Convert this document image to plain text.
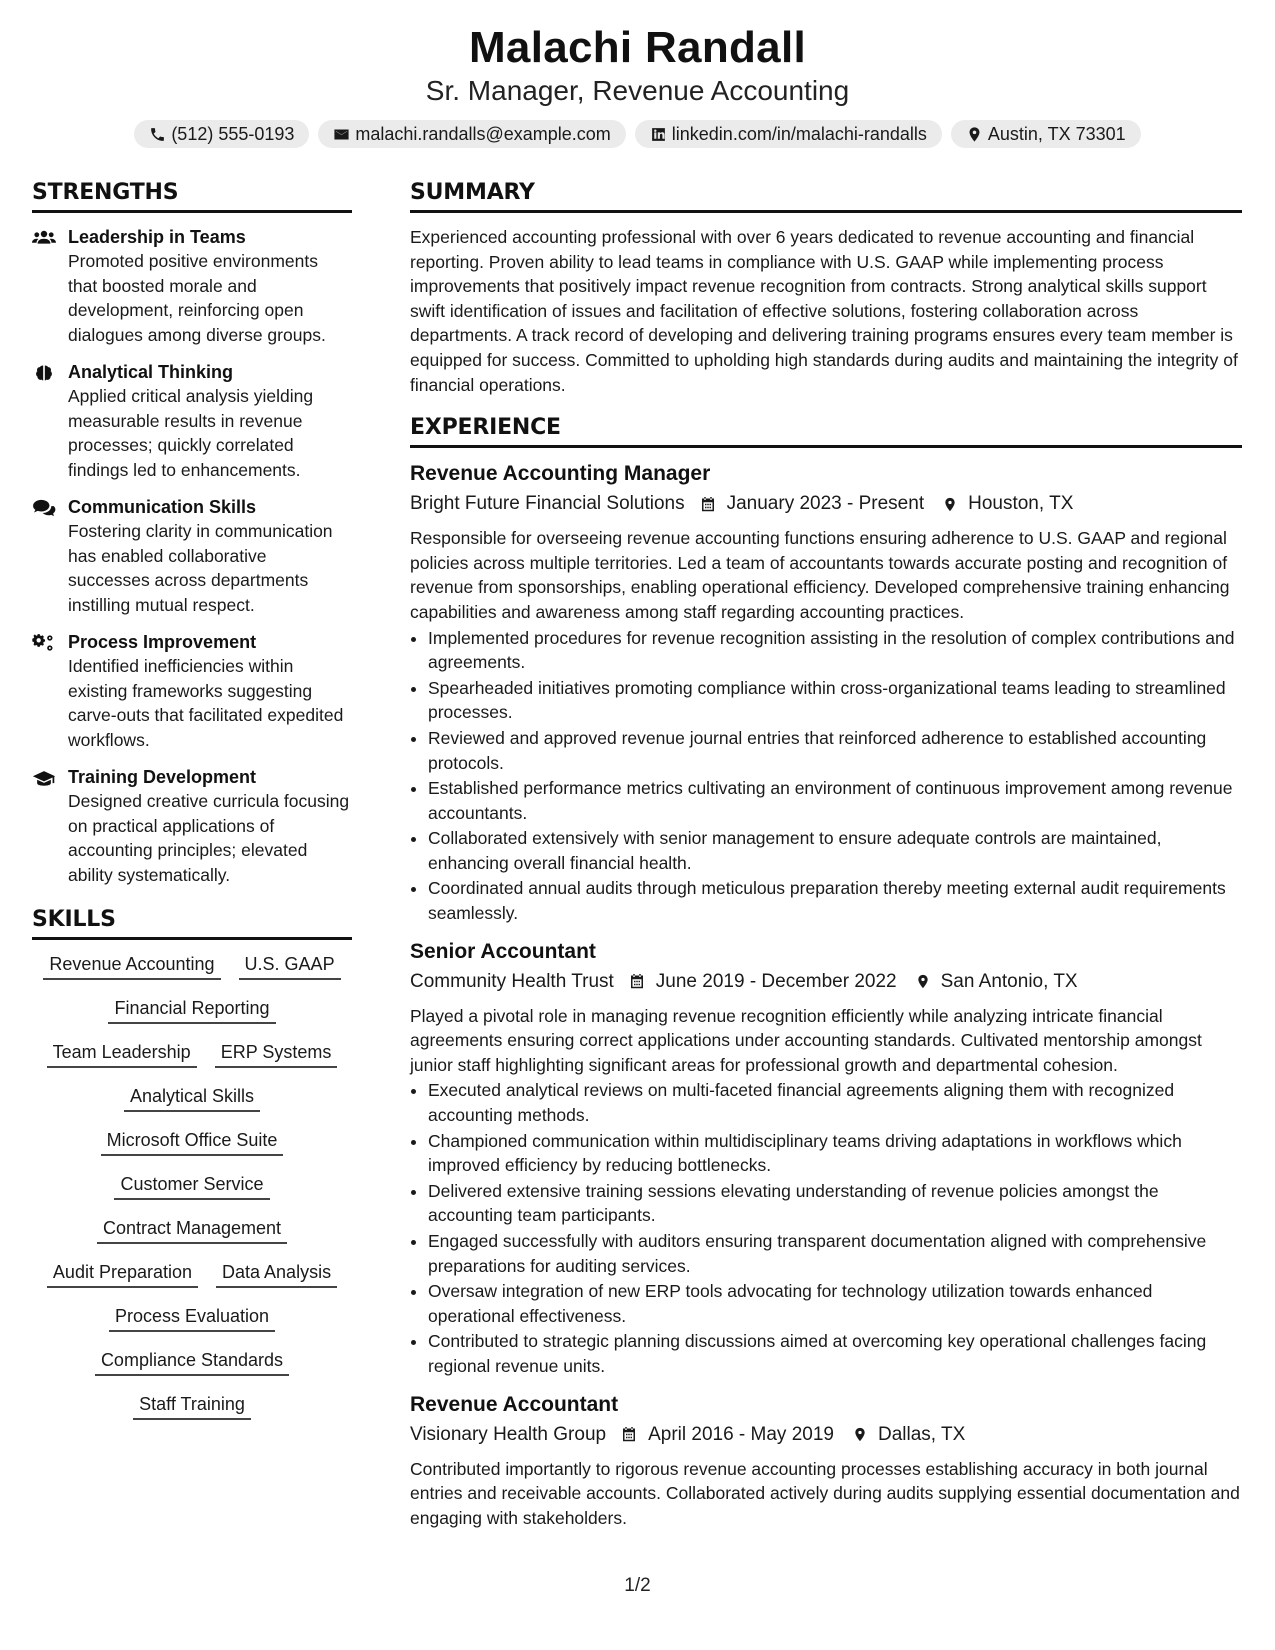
Malachi Randall
Sr. Manager, Revenue Accounting
(512) 555-0193	malachi.randalls@example.com	linkedin.com/in/malachi-randalls	Austin, TX 73301
STRENGTHS
Leadership in Teams
Promoted positive environments that boosted morale and development, reinforcing open dialogues among diverse groups.
Analytical Thinking
Applied critical analysis yielding measurable results in revenue processes; quickly correlated findings led to enhancements.
Communication Skills
Fostering clarity in communication has enabled collaborative successes across departments instilling mutual respect.
Process Improvement
Identified inefficiencies within existing frameworks suggesting carve-outs that facilitated expedited workflows.
Training Development
Designed creative curricula focusing on practical applications of accounting principles; elevated ability systematically.
SKILLS
Revenue Accounting	U.S. GAAP
Financial Reporting
Team Leadership	ERP Systems
Analytical Skills
Microsoft Office Suite
Customer Service
Contract Management
Audit Preparation	Data Analysis
Process Evaluation
Compliance Standards
Staff Training
SUMMARY
Experienced accounting professional with over 6 years dedicated to revenue accounting and financial reporting. Proven ability to lead teams in compliance with U.S. GAAP while implementing process improvements that positively impact revenue recognition from contracts. Strong analytical skills support swift identification of issues and facilitation of effective solutions, fostering collaboration across departments. A track record of developing and delivering training programs ensures every team member is equipped for success. Committed to upholding high standards during audits and maintaining the integrity of financial operations.
EXPERIENCE
Revenue Accounting Manager
Bright Future Financial Solutions January 2023 - Present Houston, TX
Responsible for overseeing revenue accounting functions ensuring adherence to U.S. GAAP and regional policies across multiple territories. Led a team of accountants towards accurate posting and recognition of revenue from sponsorships, enabling operational efficiency. Developed comprehensive training enhancing capabilities and awareness among staff regarding accounting practices.
• Implemented procedures for revenue recognition assisting in the resolution of complex contributions and agreements.
• Spearheaded initiatives promoting compliance within cross-organizational teams leading to streamlined processes.
• Reviewed and approved revenue journal entries that reinforced adherence to established accounting protocols.
• Established performance metrics cultivating an environment of continuous improvement among revenue accountants.
• Collaborated extensively with senior management to ensure adequate controls are maintained, enhancing overall financial health.
• Coordinated annual audits through meticulous preparation thereby meeting external audit requirements seamlessly.
Senior Accountant
Community Health Trust June 2019 - December 2022 San Antonio, TX
Played a pivotal role in managing revenue recognition efficiently while analyzing intricate financial agreements ensuring correct applications under accounting standards. Cultivated mentorship amongst junior staff highlighting significant areas for professional growth and departmental cohesion.
• Executed analytical reviews on multi-faceted financial agreements aligning them with recognized accounting methods.
• Championed communication within multidisciplinary teams driving adaptations in workflows which improved efficiency by reducing bottlenecks.
• Delivered extensive training sessions elevating understanding of revenue policies amongst the accounting team participants.
• Engaged successfully with auditors ensuring transparent documentation aligned with comprehensive preparations for auditing services.
• Oversaw integration of new ERP tools advocating for technology utilization towards enhanced operational effectiveness.
• Contributed to strategic planning discussions aimed at overcoming key operational challenges facing regional revenue units.
Revenue Accountant
Visionary Health Group April 2016 - May 2019 Dallas, TX
Contributed importantly to rigorous revenue accounting processes establishing accuracy in both journal entries and receivable accounts. Collaborated actively during audits supplying essential documentation and engaging with stakeholders.
1/2
